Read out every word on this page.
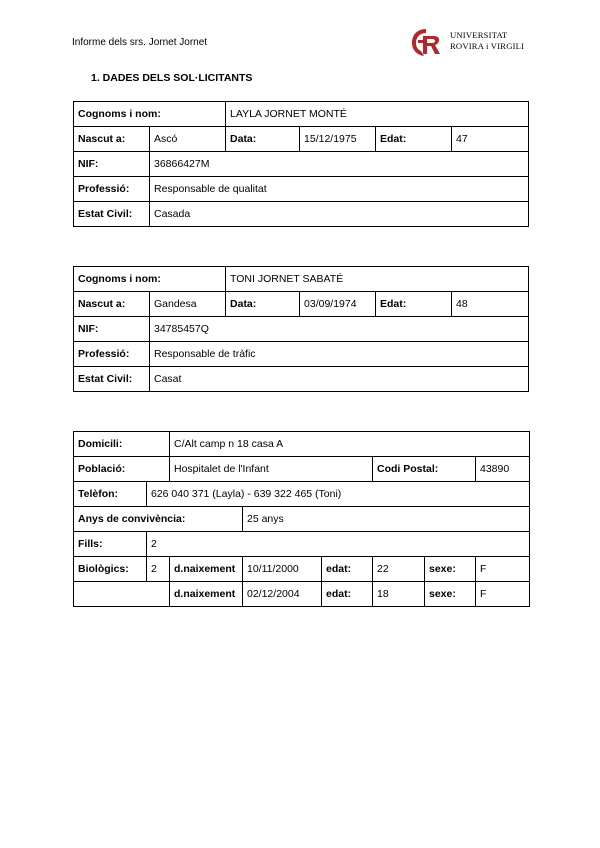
Informe dels srs. Jornet Jornet
UNIVERSITAT
ROVIRA i VIRGILI
1. DADES DELS SOL·LICITANTS
Cognoms i nom:		LAYLA JORNET MONTÉ			
Nascut a:	Ascó	Data:	15/12/1975	Edat:	47
NIF:	36866427M				
Professió:	Responsable de qualitat				
Estat Civil:	Casada				
Cognoms i nom:		TONI JORNET SABATÉ			
Nascut a:	Gandesa	Data:	03/09/1974	Edat:	48
NIF:	34785457Q				
Professió:	Responsable de tràfic				
Estat Civil:	Casat				
Domicili:		C/Alt camp n 18 casa A					
Població:		Hospitalet de l'Infant			Codi Postal:		43890
Telèfon:	626 040 371 (Layla) - 639 322 465 (Toni)						
Anys de convivència:			25 anys				
Fills:	2						
Biològics:	2	d.naixement	10/11/2000	edat:	22	sexe:	F
		d.naixement	02/12/2004	edat:	18	sexe:	F
